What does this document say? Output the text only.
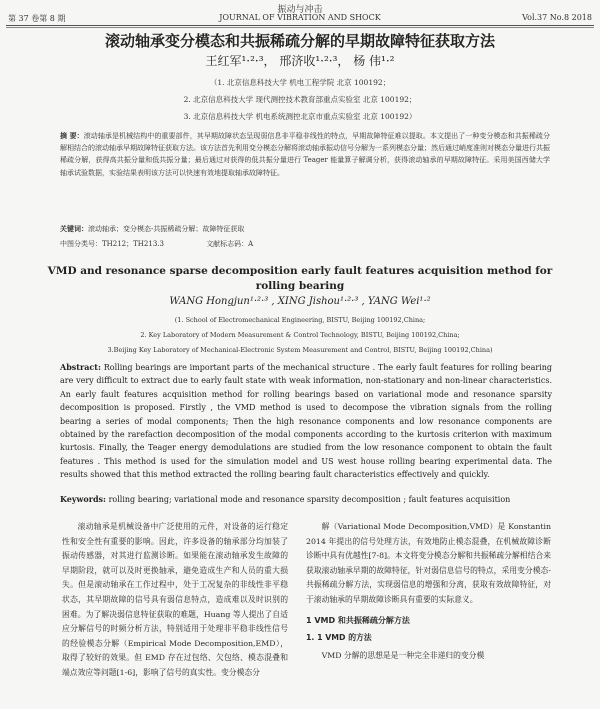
振动与冲击
第 37 卷第 8 期	JOURNAL OF VIBRATION AND SHOCK	Vol.37 No.8 2018
滚动轴承变分模态和共振稀疏分解的早期故障特征获取方法
王红军¹·²·³， 邢济收¹·²·³， 杨 伟¹·²
（1. 北京信息科技大学 机电工程学院 北京 100192；
2. 北京信息科技大学 现代测控技术教育部重点实验室 北京 100192；
3. 北京信息科技大学 机电系统测控北京市重点实验室 北京 100192）
摘 要：滚动轴承是机械结构中的重要部件，其早期故障状态呈现弱信息非平稳非线性的特点，早期故障特征难以提取。本文提出了一种变分模态和共振稀疏分解相结合的滚动轴承早期故障特征获取方法。该方法首先利用变分模态分解将滚动轴承振动信号分解为一系列模态分量；然后通过峭度准则对模态分量进行共振稀疏分解，获得高共振分量和低共振分量；最后通过对获得的低共振分量进行 Teager 能量算子解调分析，获得滚动轴承的早期故障特征。采用美国西储大学轴承试验数据，实验结果表明该方法可以快速有效地提取轴承故障特征。
关键词：滚动轴承；变分模态-共振稀疏分解；故障特征获取
中图分类号：TH212；TH213.3	文献标志码：A
VMD and resonance sparse decomposition early fault features acquisition method for rolling bearing
WANG Hongjun¹·²·³ , XING Jishou¹·²·³ , YANG Wei¹·²
(1. School of Electromechanical Engineering, BISTU, Beijing 100192,China;
2. Key Laboratory of Modern Measurement & Control Technology, BISTU, Beijing 100192,China;
3.Beijing Key Laboratory of Mechanical-Electronic System Measurement and Control, BISTU, Beijing 100192,China)
Abstract: Rolling bearings are important parts of the mechanical structure . The early fault features for rolling bearing are very difficult to extract due to early fault state with weak information, non-stationary and non-linear characteristics. An early fault features acquisition method for rolling bearings based on variational mode and resonance sparsity decomposition is proposed. Firstly , the VMD method is used to decompose the vibration signals from the rolling bearing a series of modal components; Then the high resonance components and low resonance components are obtained by the rarefaction decomposition of the modal components according to the kurtosis criterion with maximum kurtosis. Finally, the Teager energy demodulations are studied from the low resonance component to obtain the fault features . This method is used for the simulation model and US west house rolling bearing experimental data. The results showed that this method extracted the rolling bearing fault characteristics effectively and quickly.
Keywords: rolling bearing; variational mode and resonance sparsity decomposition ; fault features acquisition

滚动轴承是机械设备中广泛使用的元件，对设备的运行稳定性和安全性有重要的影响。因此，许多设备的轴承部分均加装了振动传感器，对其进行监测诊断。如果能在滚动轴承发生故障的早期阶段，就可以及时更换轴承，避免造成生产和人员的重大损失。但是滚动轴承在工作过程中，处于工况复杂的非线性非平稳状态，其早期故障的信号具有弱信息特点，造成难以及时识别的困难。为了解决弱信息特征获取的难题，Huang 等人提出了自适应分解信号的时频分析方法，特别适用于处理非平稳非线性信号的经验模态分解（Empirical Mode Decomposition,EMD），取得了较好的效果。但 EMD 存在过包络、欠包络、模态混叠和端点效应等问题[1-6]，影响了信号的真实性。变分模态分

解（Variational Mode Decomposition,VMD）是 Konstantin 2014 年提出的信号处理方法，有效地防止模态混叠，在机械故障诊断诊断中具有优越性[7-8]。本文将变分模态分解和共振稀疏分解相结合来获取滚动轴承早期的故障特征，针对弱信息信号的特点，采用变分模态-共振稀疏分解方法，实现弱信息的增强和分离，获取有效故障特征，对于滚动轴承的早期故障诊断具有重要的实际意义。

1 VMD 和共振稀疏分解方法
1. 1 VMD 的方法

VMD 分解的思想是是一种完全非递归的变分模
